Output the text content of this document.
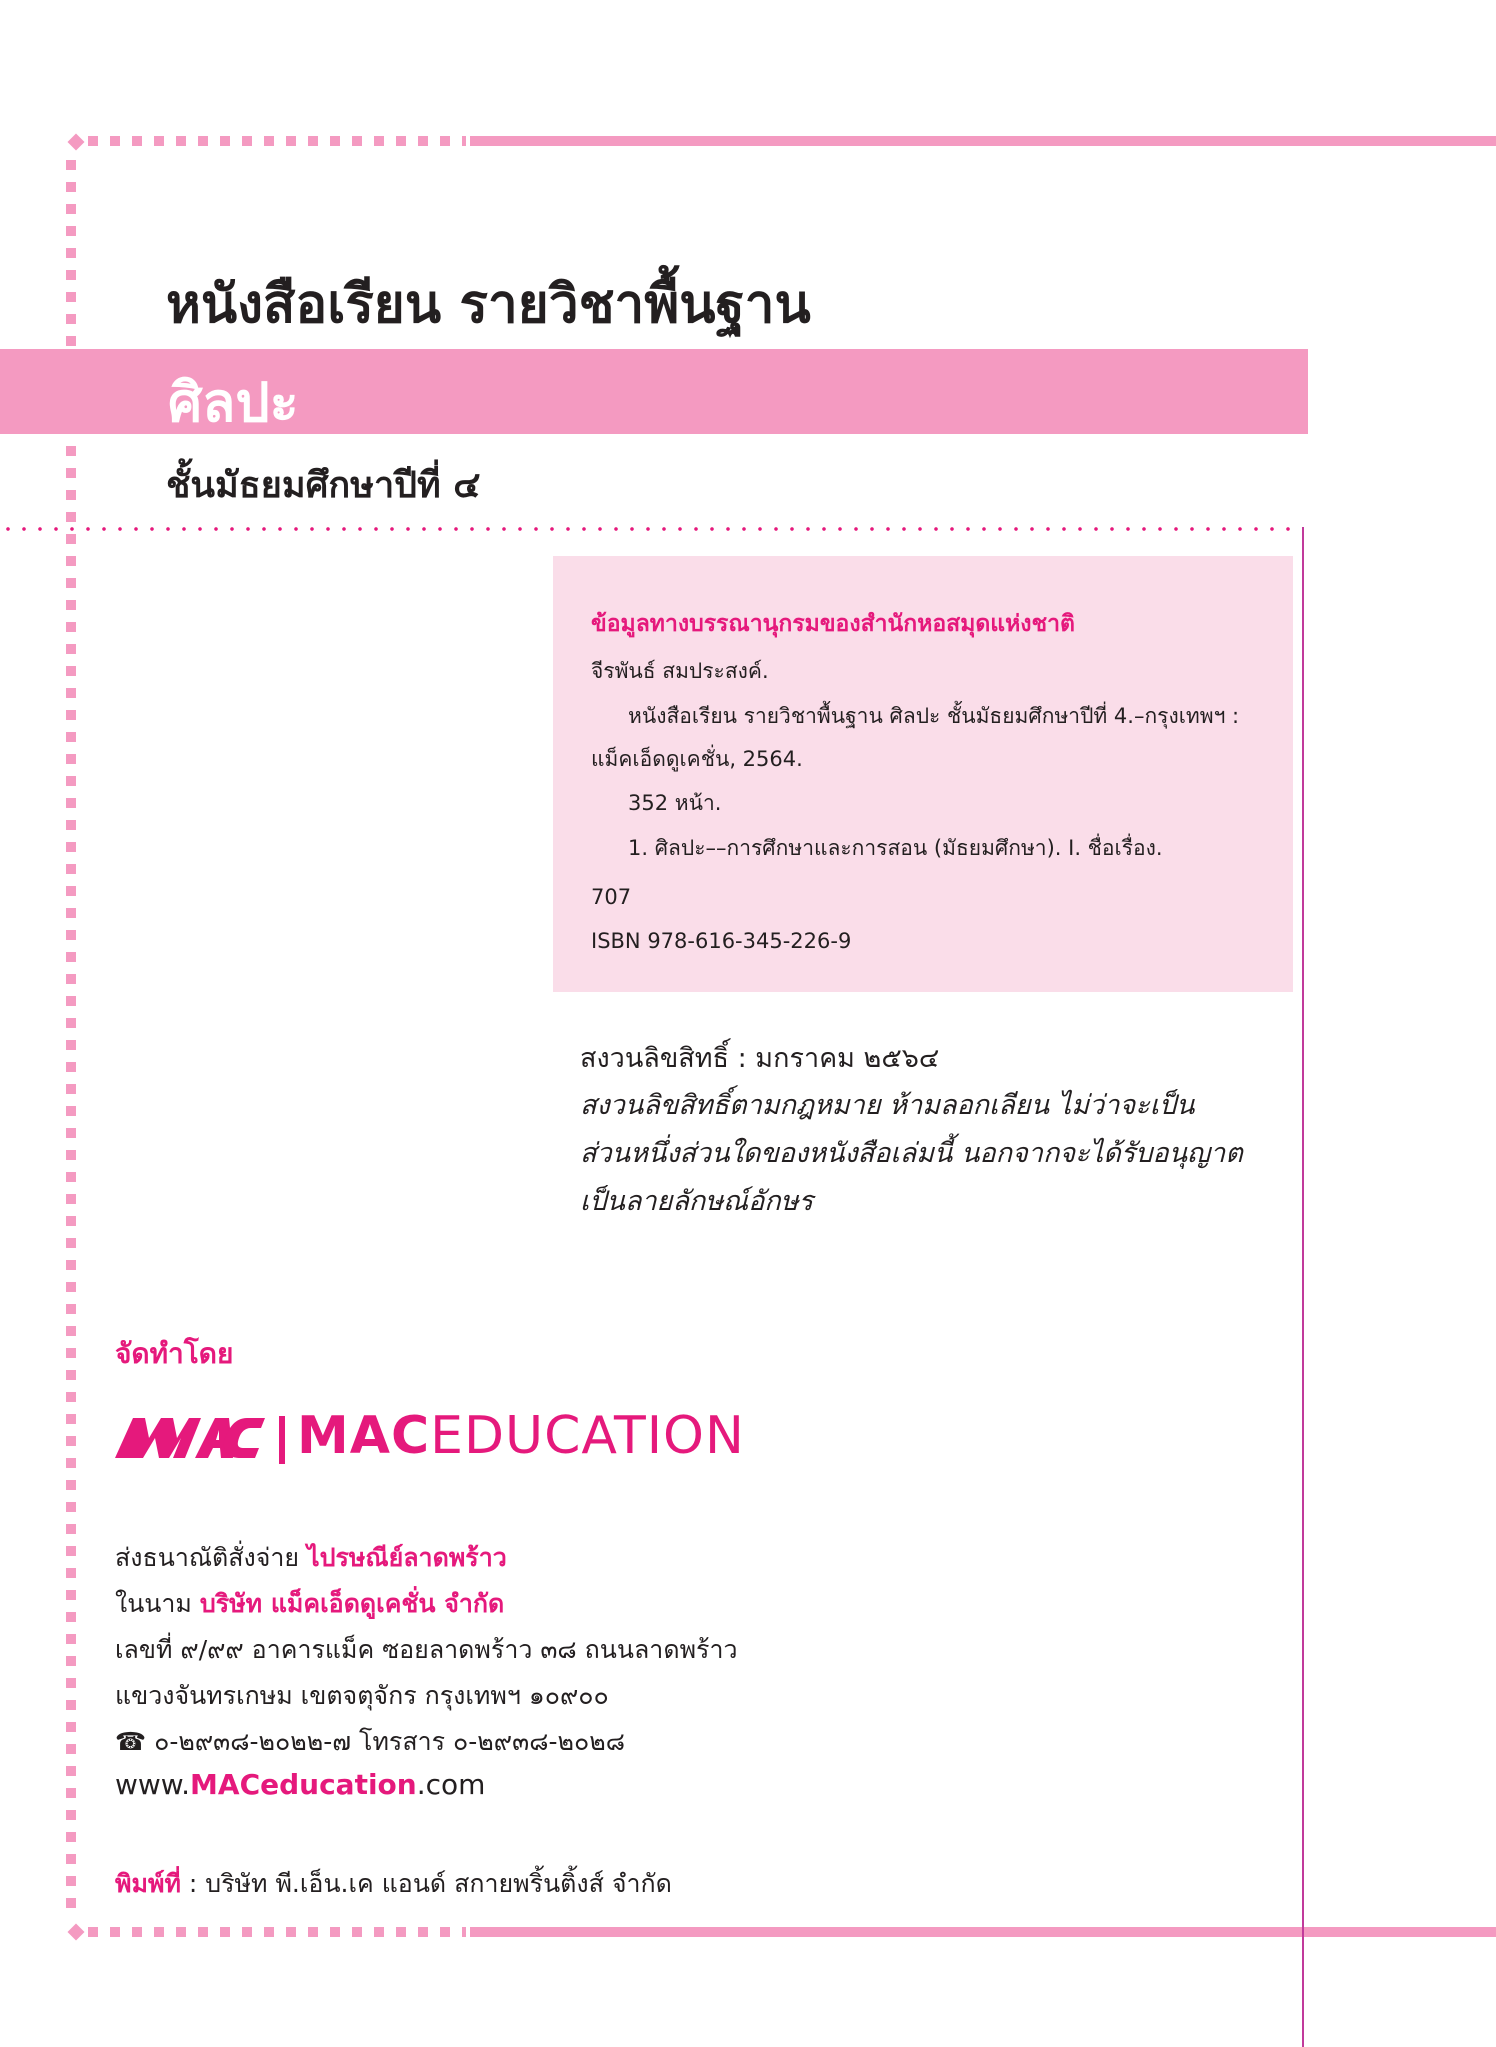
หนังสือเรียน รายวิชาพื้นฐาน
ศิลปะ
ชั้นมัธยมศึกษาปีที่ ๔
ข้อมูลทางบรรณานุกรมของสำนักหอสมุดแห่งชาติ
จีรพันธ์ สมประสงค์.
หนังสือเรียน รายวิชาพื้นฐาน ศิลปะ ชั้นมัธยมศึกษาปีที่ 4.–กรุงเทพฯ :
แม็คเอ็ดดูเคชั่น, 2564.
352 หน้า.
1. ศิลปะ––การศึกษาและการสอน (มัธยมศึกษา). I. ชื่อเรื่อง.
707
ISBN 978-616-345-226-9
สงวนลิขสิทธิ์ : มกราคม ๒๕๖๔
สงวนลิขสิทธิ์ตามกฎหมาย ห้ามลอกเลียน ไม่ว่าจะเป็น
ส่วนหนึ่งส่วนใดของหนังสือเล่มนี้ นอกจากจะได้รับอนุญาต
เป็นลายลักษณ์อักษร
จัดทำโดย
MACEDUCATION
ส่งธนาณัติสั่งจ่าย ไปรษณีย์ลาดพร้าว
ในนาม บริษัท แม็คเอ็ดดูเคชั่น จำกัด
เลขที่ ๙/๙๙ อาคารแม็ค ซอยลาดพร้าว ๓๘ ถนนลาดพร้าว
แขวงจันทรเกษม เขตจตุจักร กรุงเทพฯ ๑๐๙๐๐
☎ ๐-๒๙๓๘-๒๐๒๒-๗ โทรสาร ๐-๒๙๓๘-๒๐๒๘
www.MACeducation.com
พิมพ์ที่ : บริษัท พี.เอ็น.เค แอนด์ สกายพริ้นติ้งส์ จำกัด
